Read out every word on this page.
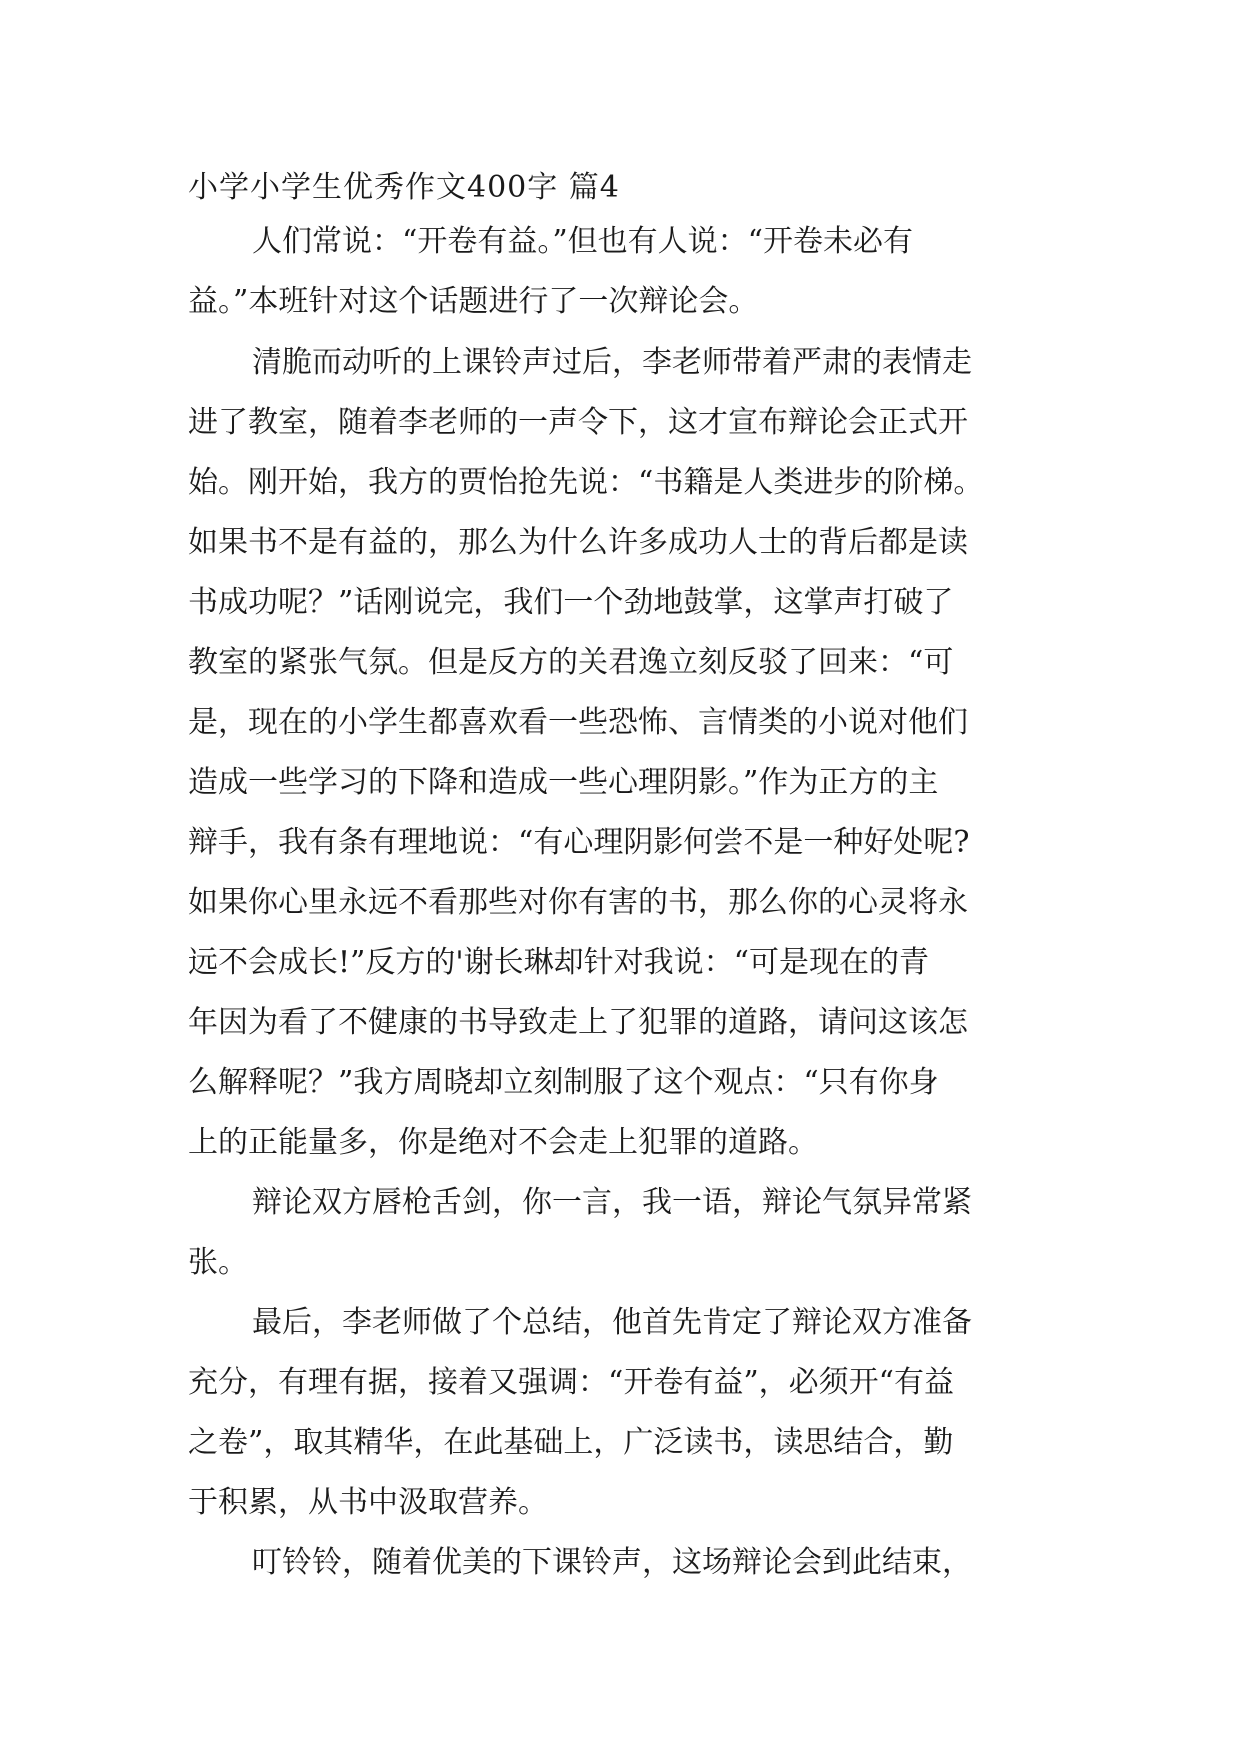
小学小学生优秀作文400字 篇4
人们常说：“开卷有益。”但也有人说：“开卷未必有
益。”本班针对这个话题进行了一次辩论会。
清脆而动听的上课铃声过后，李老师带着严肃的表情走
进了教室，随着李老师的一声令下，这才宣布辩论会正式开
始。刚开始，我方的贾怡抢先说：“书籍是人类进步的阶梯。
如果书不是有益的，那么为什么许多成功人士的背后都是读
书成功呢？”话刚说完，我们一个劲地鼓掌，这掌声打破了
教室的紧张气氛。但是反方的关君逸立刻反驳了回来：“可
是，现在的小学生都喜欢看一些恐怖、言情类的小说对他们
造成一些学习的下降和造成一些心理阴影。”作为正方的主
辩手，我有条有理地说：“有心理阴影何尝不是一种好处呢?
如果你心里永远不看那些对你有害的书，那么你的心灵将永
远不会成长!”反方的'谢长琳却针对我说：“可是现在的青
年因为看了不健康的书导致走上了犯罪的道路，请问这该怎
么解释呢？”我方周晓却立刻制服了这个观点：“只有你身
上的正能量多，你是绝对不会走上犯罪的道路。
辩论双方唇枪舌剑，你一言，我一语，辩论气氛异常紧
张。
最后，李老师做了个总结，他首先肯定了辩论双方准备
充分，有理有据，接着又强调：“开卷有益”，必须开“有益
之卷”，取其精华，在此基础上，广泛读书，读思结合，勤
于积累，从书中汲取营养。
叮铃铃，随着优美的下课铃声，这场辩论会到此结束，
